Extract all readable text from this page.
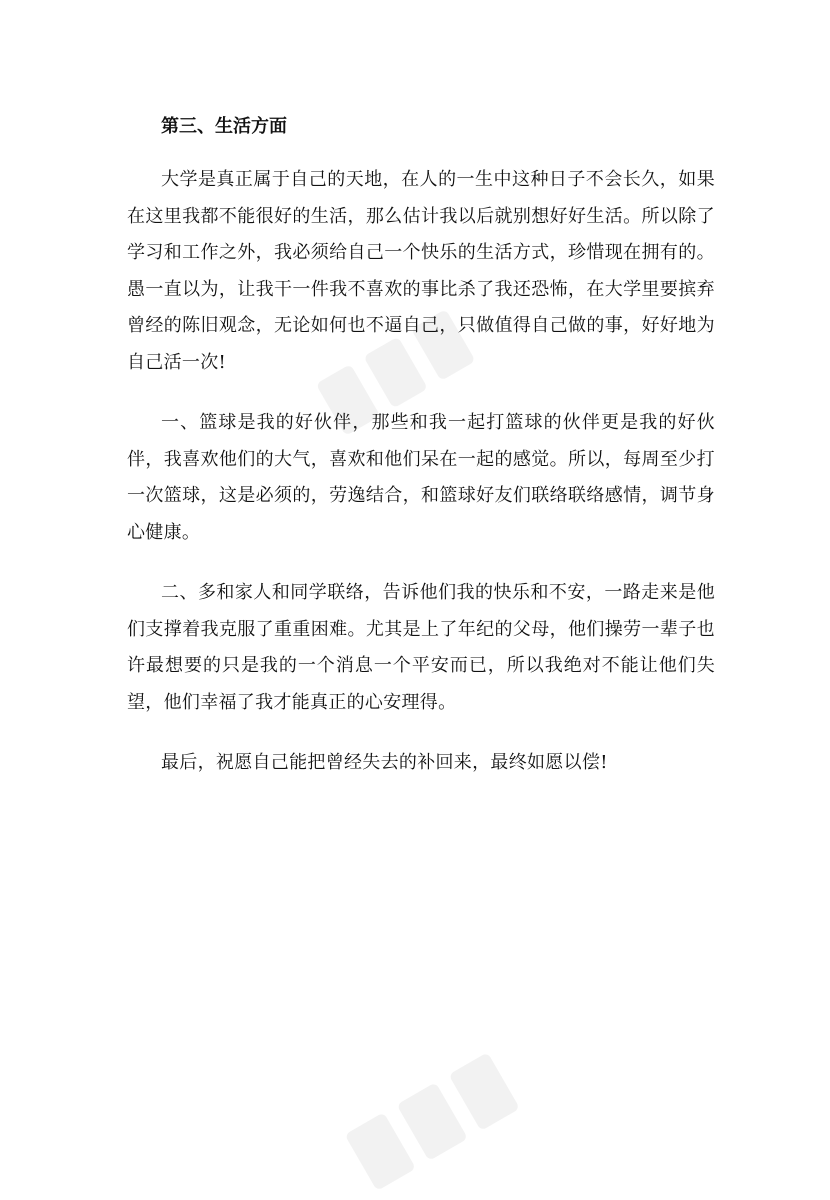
第三、生活方面

大学是真正属于自己的天地，在人的一生中这种日子不会长久，如果在这里我都不能很好的生活，那么估计我以后就别想好好生活。所以除了学习和工作之外，我必须给自己一个快乐的生活方式，珍惜现在拥有的。愚一直以为，让我干一件我不喜欢的事比杀了我还恐怖，在大学里要摈弃曾经的陈旧观念，无论如何也不逼自己，只做值得自己做的事，好好地为自己活一次!

一、篮球是我的好伙伴，那些和我一起打篮球的伙伴更是我的好伙伴，我喜欢他们的大气，喜欢和他们呆在一起的感觉。所以，每周至少打一次篮球，这是必须的，劳逸结合，和篮球好友们联络联络感情，调节身心健康。

二、多和家人和同学联络，告诉他们我的快乐和不安，一路走来是他们支撑着我克服了重重困难。尤其是上了年纪的父母，他们操劳一辈子也许最想要的只是我的一个消息一个平安而已，所以我绝对不能让他们失望，他们幸福了我才能真正的心安理得。

最后，祝愿自己能把曾经失去的补回来，最终如愿以偿!
